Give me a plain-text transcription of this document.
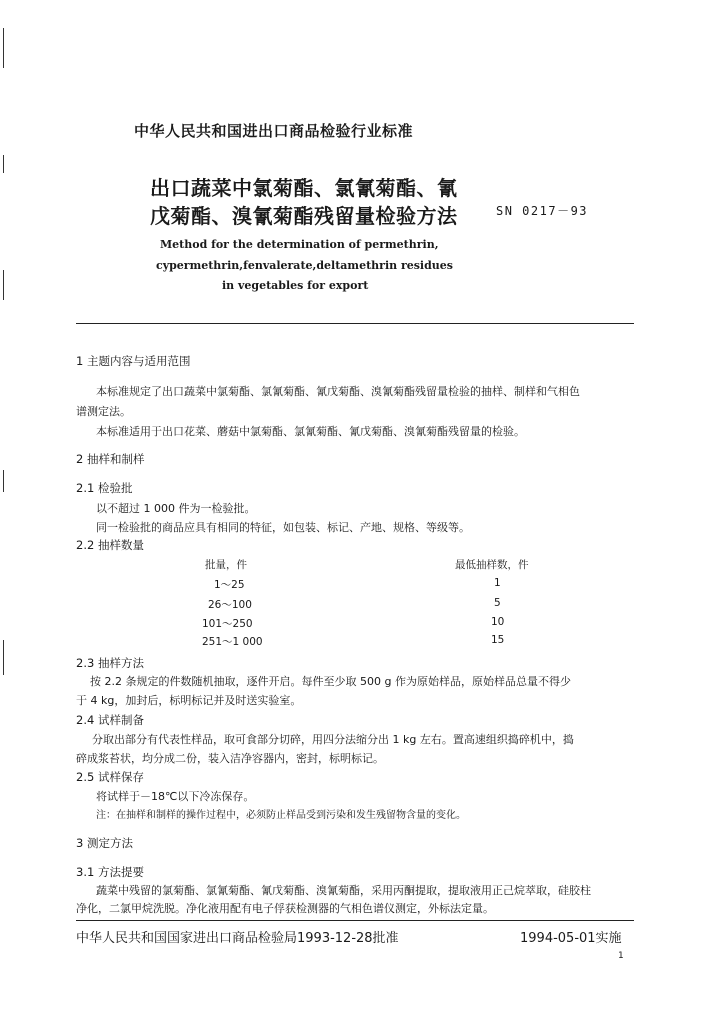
中华人民共和国进出口商品检验行业标准
出口蔬菜中氯菊酯、氯氰菊酯、氰
戊菊酯、溴氰菊酯残留量检验方法	SN 0217－93
Method for the determination of permethrin,
cypermethrin,fenvalerate,deltamethrin residues
in vegetables for export
1 主题内容与适用范围
本标准规定了出口蔬菜中氯菊酯、氯氰菊酯、氰戊菊酯、溴氰菊酯残留量检验的抽样、制样和气相色
谱测定法。
本标准适用于出口花菜、蘑菇中氯菊酯、氯氰菊酯、氰戊菊酯、溴氰菊酯残留量的检验。
2 抽样和制样
2.1 检验批
以不超过 1 000 件为一检验批。
同一检验批的商品应具有相同的特征，如包装、标记、产地、规格、等级等。
2.2 抽样数量
批量，件	最低抽样数，件
1～25	1
26～100	5
101～250	10
251～1 000	15
2.3 抽样方法
按 2.2 条规定的件数随机抽取，逐件开启。每件至少取 500 g 作为原始样品，原始样品总量不得少
于 4 kg，加封后，标明标记并及时送实验室。
2.4 试样制备
分取出部分有代表性样品，取可食部分切碎，用四分法缩分出 1 kg 左右。置高速组织捣碎机中，捣
碎成浆苔状，均分成二份，装入洁净容器内，密封，标明标记。
2.5 试样保存
将试样于－18℃以下冷冻保存。
注：在抽样和制样的操作过程中，必须防止样品受到污染和发生残留物含量的变化。
3 测定方法
3.1 方法提要
蔬菜中残留的氯菊酯、氯氰菊酯、氰戊菊酯、溴氰菊酯，采用丙酮提取，提取液用正己烷萃取，硅胶柱
净化，二氯甲烷洗脱。净化液用配有电子俘获检测器的气相色谱仪测定，外标法定量。
中华人民共和国国家进出口商品检验局1993-12-28批准	1994-05-01实施
1
